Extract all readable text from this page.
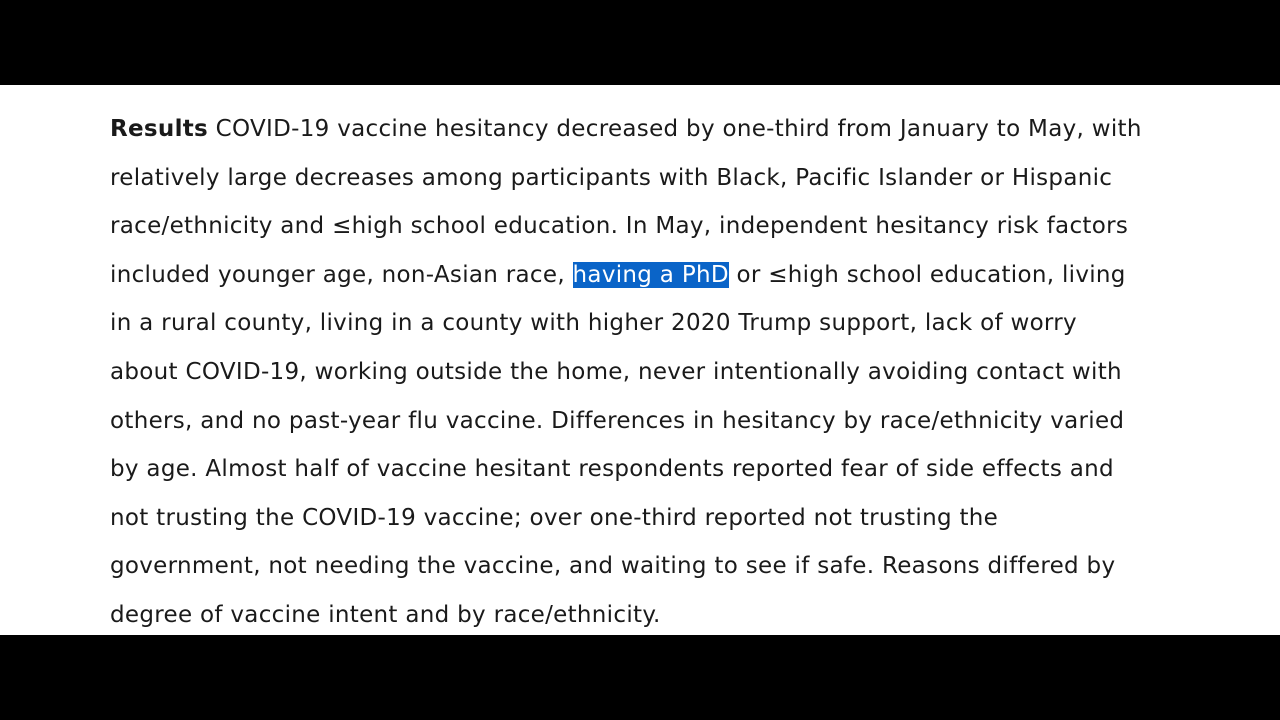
Results COVID-19 vaccine hesitancy decreased by one-third from January to May, with
relatively large decreases among participants with Black, Pacific Islander or Hispanic
race/ethnicity and ≤high school education. In May, independent hesitancy risk factors
included younger age, non-Asian race, having a PhD or ≤high school education, living
in a rural county, living in a county with higher 2020 Trump support, lack of worry
about COVID-19, working outside the home, never intentionally avoiding contact with
others, and no past-year flu vaccine. Differences in hesitancy by race/ethnicity varied
by age. Almost half of vaccine hesitant respondents reported fear of side effects and
not trusting the COVID-19 vaccine; over one-third reported not trusting the
government, not needing the vaccine, and waiting to see if safe. Reasons differed by
degree of vaccine intent and by race/ethnicity.
